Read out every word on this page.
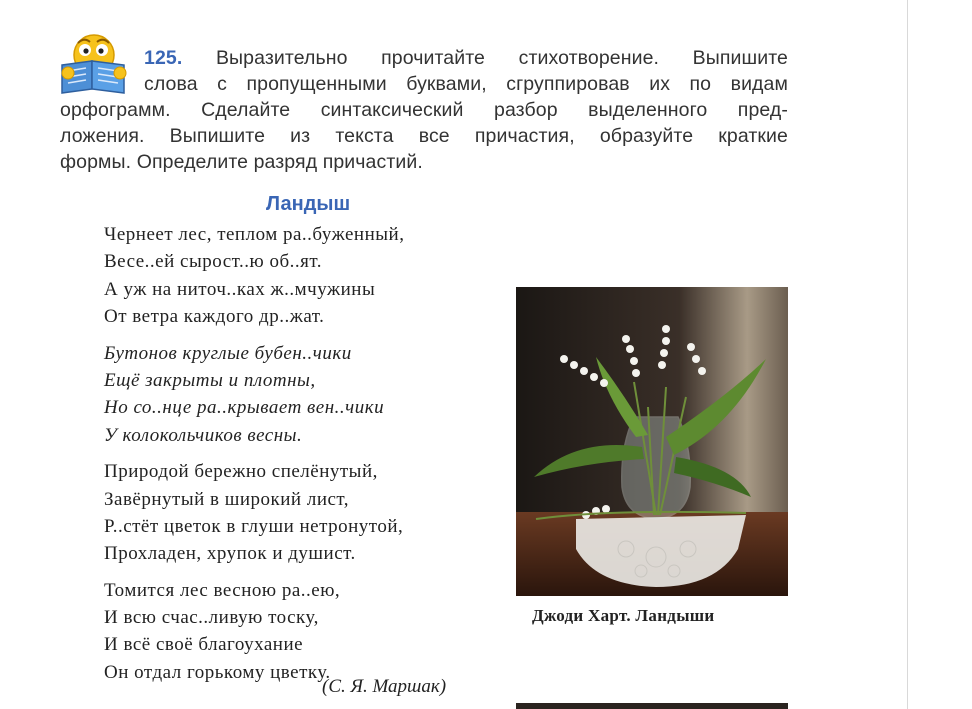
125. Выразительно прочитайте стихотворение. Выпишите
слова с пропущенными буквами, сгруппировав их по видам
орфограмм. Сделайте синтаксический разбор выделенного пред-
ложения. Выпишите из текста все причастия, образуйте краткие
формы. Определите разряд причастий.
Ландыш
Чернеет лес, теплом ра..буженный,
Весе..ей сырост..ю об..ят.
А уж на ниточ..ках ж..мчужины
От ветра каждого др..жат.
Бутонов круглые бубен..чики
Ещё закрыты и плотны,
Но со..нце ра..крывает вен..чики
У колокольчиков весны.
Природой бережно спелёнутый,
Завёрнутый в широкий лист,
Р..стёт цветок в глуши нетронутой,
Прохладен, хрупок и душист.
Томится лес весною ра..ею,
И всю счас..ливую тоску,
И всё своё благоухание
Он отдал горькому цветку.
(С. Я. Маршак)
Джоди Харт. Ландыши
